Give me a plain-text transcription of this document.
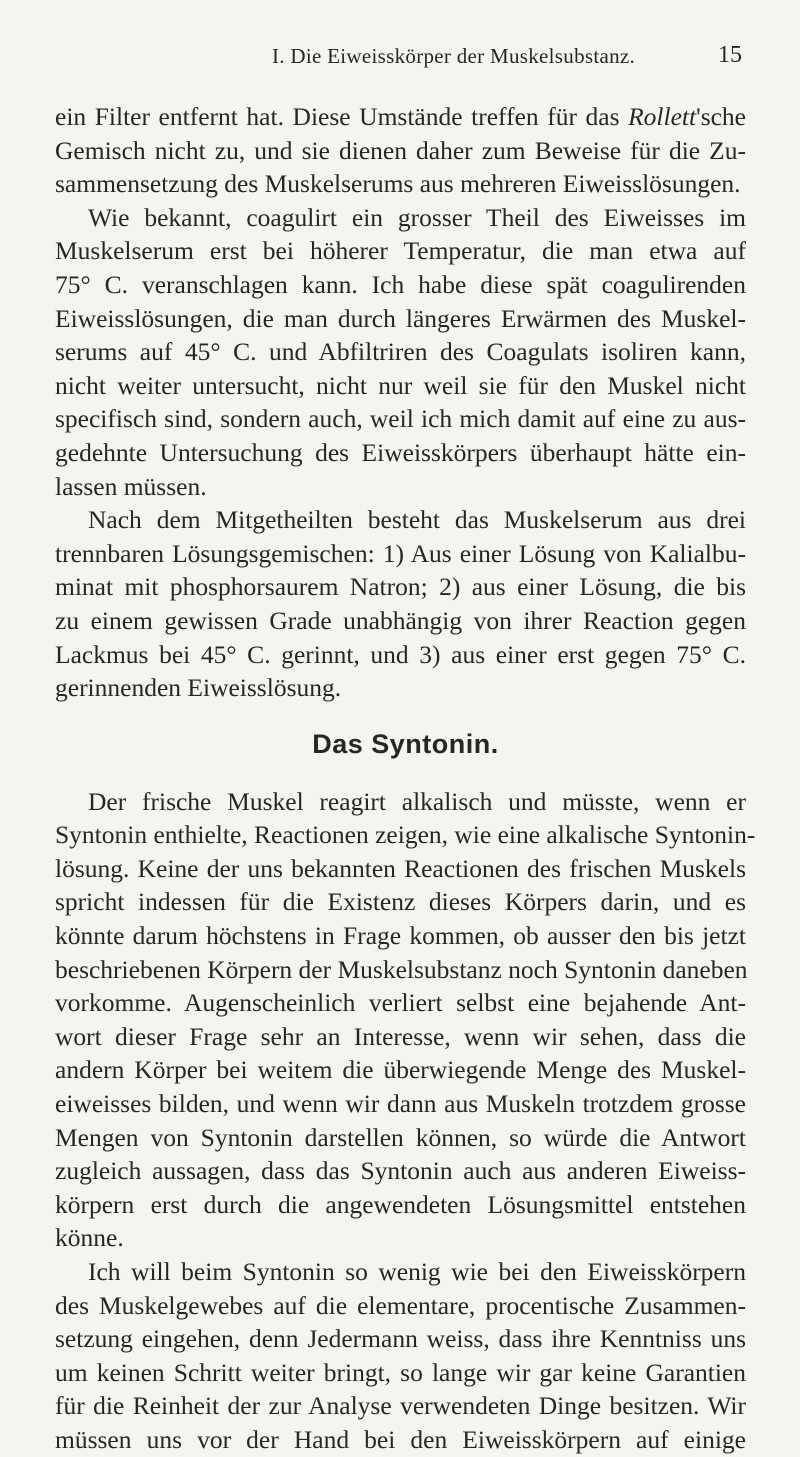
I. Die Eiweisskörper der Muskelsubstanz.	15
ein Filter entfernt hat. Diese Umstände treffen für das Rollett'sche
Gemisch nicht zu, und sie dienen daher zum Beweise für die Zu-
sammensetzung des Muskelserums aus mehreren Eiweisslösungen.
Wie bekannt, coagulirt ein grosser Theil des Eiweisses im
Muskelserum erst bei höherer Temperatur, die man etwa auf
75° C. veranschlagen kann. Ich habe diese spät coagulirenden
Eiweisslösungen, die man durch längeres Erwärmen des Muskel-
serums auf 45° C. und Abfiltriren des Coagulats isoliren kann,
nicht weiter untersucht, nicht nur weil sie für den Muskel nicht
specifisch sind, sondern auch, weil ich mich damit auf eine zu aus-
gedehnte Untersuchung des Eiweisskörpers überhaupt hätte ein-
lassen müssen.
Nach dem Mitgetheilten besteht das Muskelserum aus drei
trennbaren Lösungsgemischen: 1) Aus einer Lösung von Kalialbu-
minat mit phosphorsaurem Natron; 2) aus einer Lösung, die bis
zu einem gewissen Grade unabhängig von ihrer Reaction gegen
Lackmus bei 45° C. gerinnt, und 3) aus einer erst gegen 75° C.
gerinnenden Eiweisslösung.
Das Syntonin.
Der frische Muskel reagirt alkalisch und müsste, wenn er
Syntonin enthielte, Reactionen zeigen, wie eine alkalische Syntonin-
lösung. Keine der uns bekannten Reactionen des frischen Muskels
spricht indessen für die Existenz dieses Körpers darin, und es
könnte darum höchstens in Frage kommen, ob ausser den bis jetzt
beschriebenen Körpern der Muskelsubstanz noch Syntonin daneben
vorkomme. Augenscheinlich verliert selbst eine bejahende Ant-
wort dieser Frage sehr an Interesse, wenn wir sehen, dass die
andern Körper bei weitem die überwiegende Menge des Muskel-
eiweisses bilden, und wenn wir dann aus Muskeln trotzdem grosse
Mengen von Syntonin darstellen können, so würde die Antwort
zugleich aussagen, dass das Syntonin auch aus anderen Eiweiss-
körpern erst durch die angewendeten Lösungsmittel entstehen
könne.
Ich will beim Syntonin so wenig wie bei den Eiweisskörpern
des Muskelgewebes auf die elementare, procentische Zusammen-
setzung eingehen, denn Jedermann weiss, dass ihre Kenntniss uns
um keinen Schritt weiter bringt, so lange wir gar keine Garantien
für die Reinheit der zur Analyse verwendeten Dinge besitzen. Wir
müssen uns vor der Hand bei den Eiweisskörpern auf einige
